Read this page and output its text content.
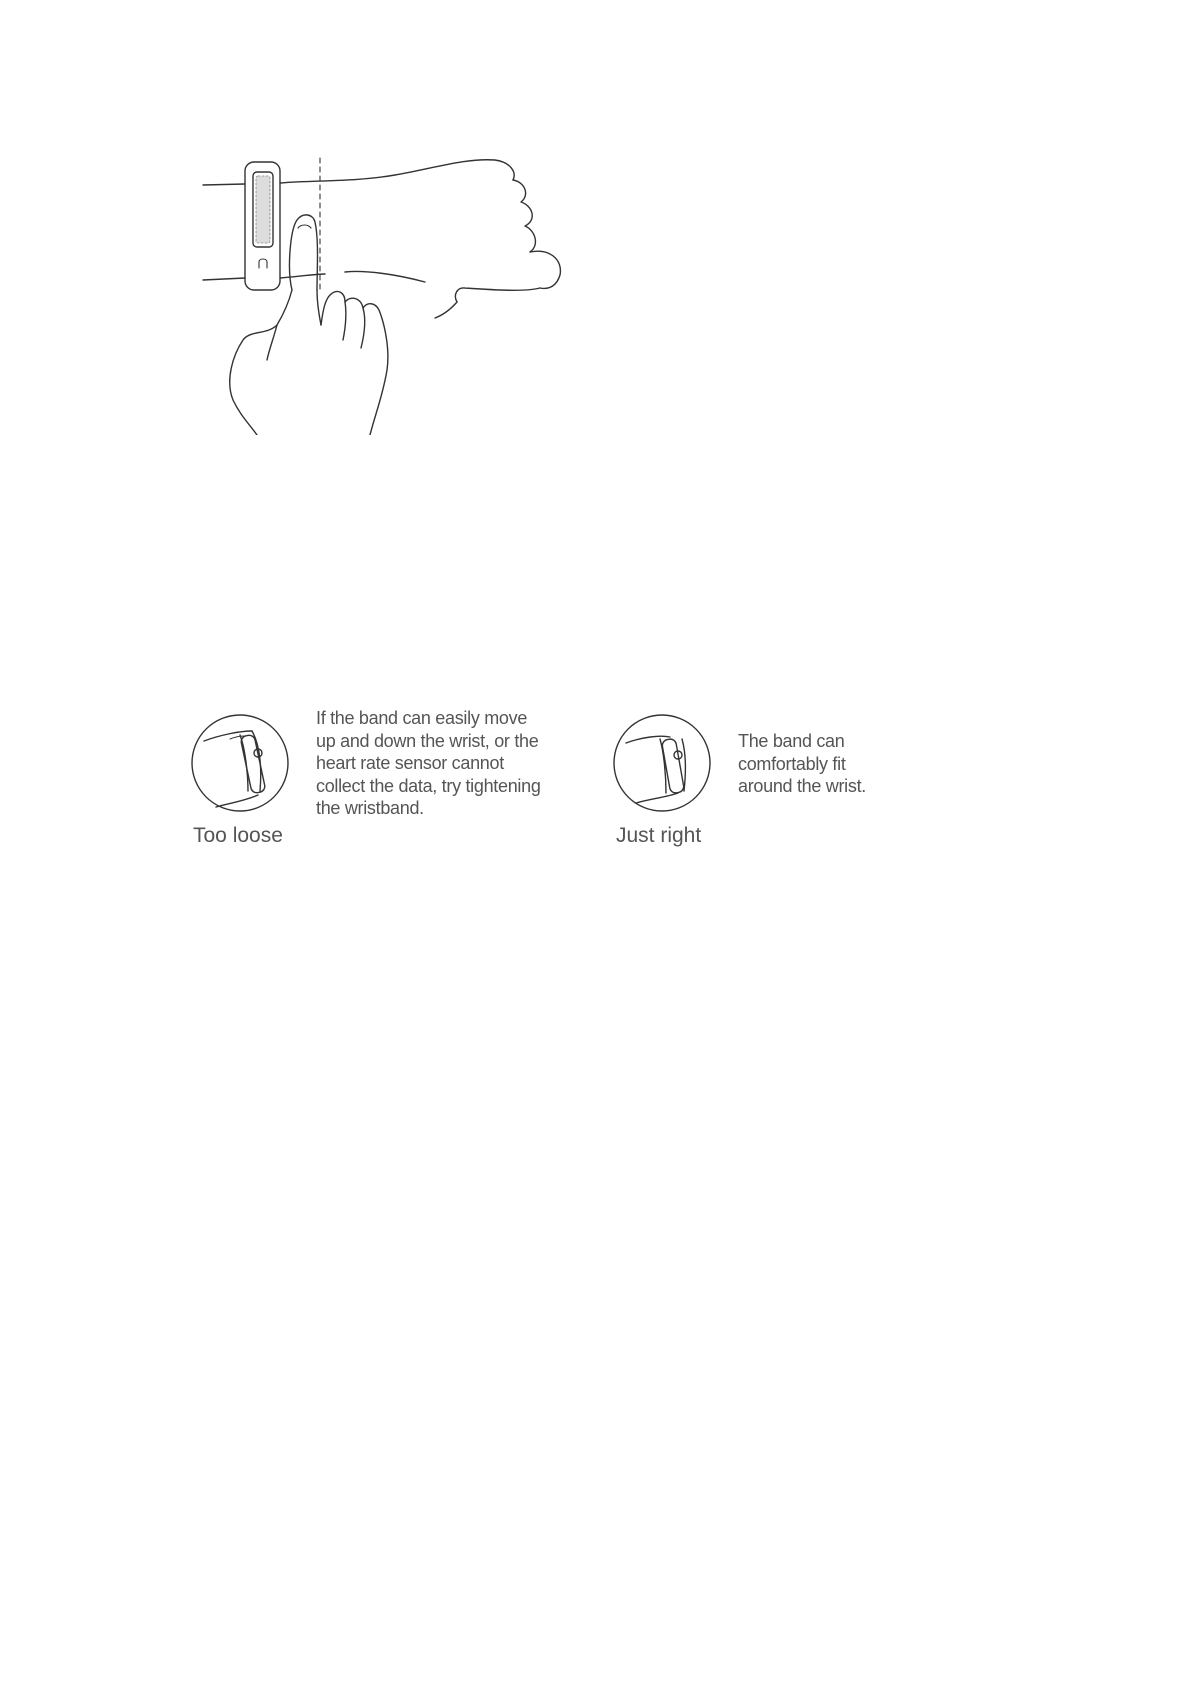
Too loose
If the band can easily move
up and down the wrist, or the
heart rate sensor cannot
collect the data, try tightening
the wristband.
Just right
The band can
comfortably fit
around the wrist.
